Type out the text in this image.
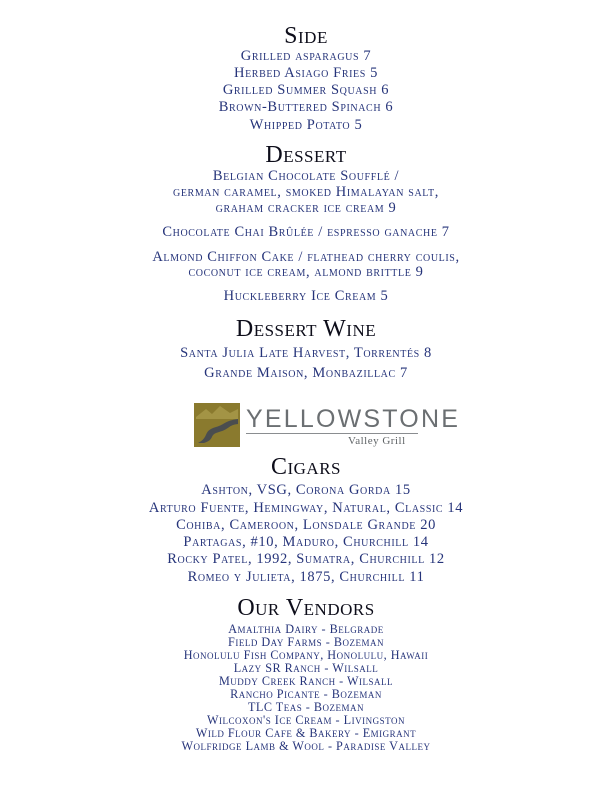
Side
Grilled asparagus 7
Herbed Asiago Fries 5
Grilled Summer Squash 6
Brown-Buttered Spinach 6
Whipped Potato 5
Dessert
Belgian Chocolate Soufflé /
german caramel, smoked Himalayan salt,
graham cracker ice cream 9
Chocolate Chai Brûlée / espresso ganache 7
Almond Chiffon Cake / flathead cherry coulis,
coconut ice cream, almond brittle 9
Huckleberry Ice Cream 5
Dessert Wine
Santa Julia Late Harvest, Torrentés 8
Grande Maison, Monbazillac 7
YELLOWSTONE
Valley Grill
Cigars
Ashton, VSG, Corona Gorda 15
Arturo Fuente, Hemingway, Natural, Classic 14
Cohiba, Cameroon, Lonsdale Grande 20
Partagas, #10, Maduro, Churchill 14
Rocky Patel, 1992, Sumatra, Churchill 12
Romeo y Julieta, 1875, Churchill 11
Our Vendors
Amalthia Dairy - Belgrade
Field Day Farms - Bozeman
Honolulu Fish Company, Honolulu, Hawaii
Lazy SR Ranch - Wilsall
Muddy Creek Ranch - Wilsall
Rancho Picante - Bozeman
TLC Teas - Bozeman
Wilcoxon's Ice Cream - Livingston
Wild Flour Cafe & Bakery - Emigrant
Wolfridge Lamb & Wool - Paradise Valley
